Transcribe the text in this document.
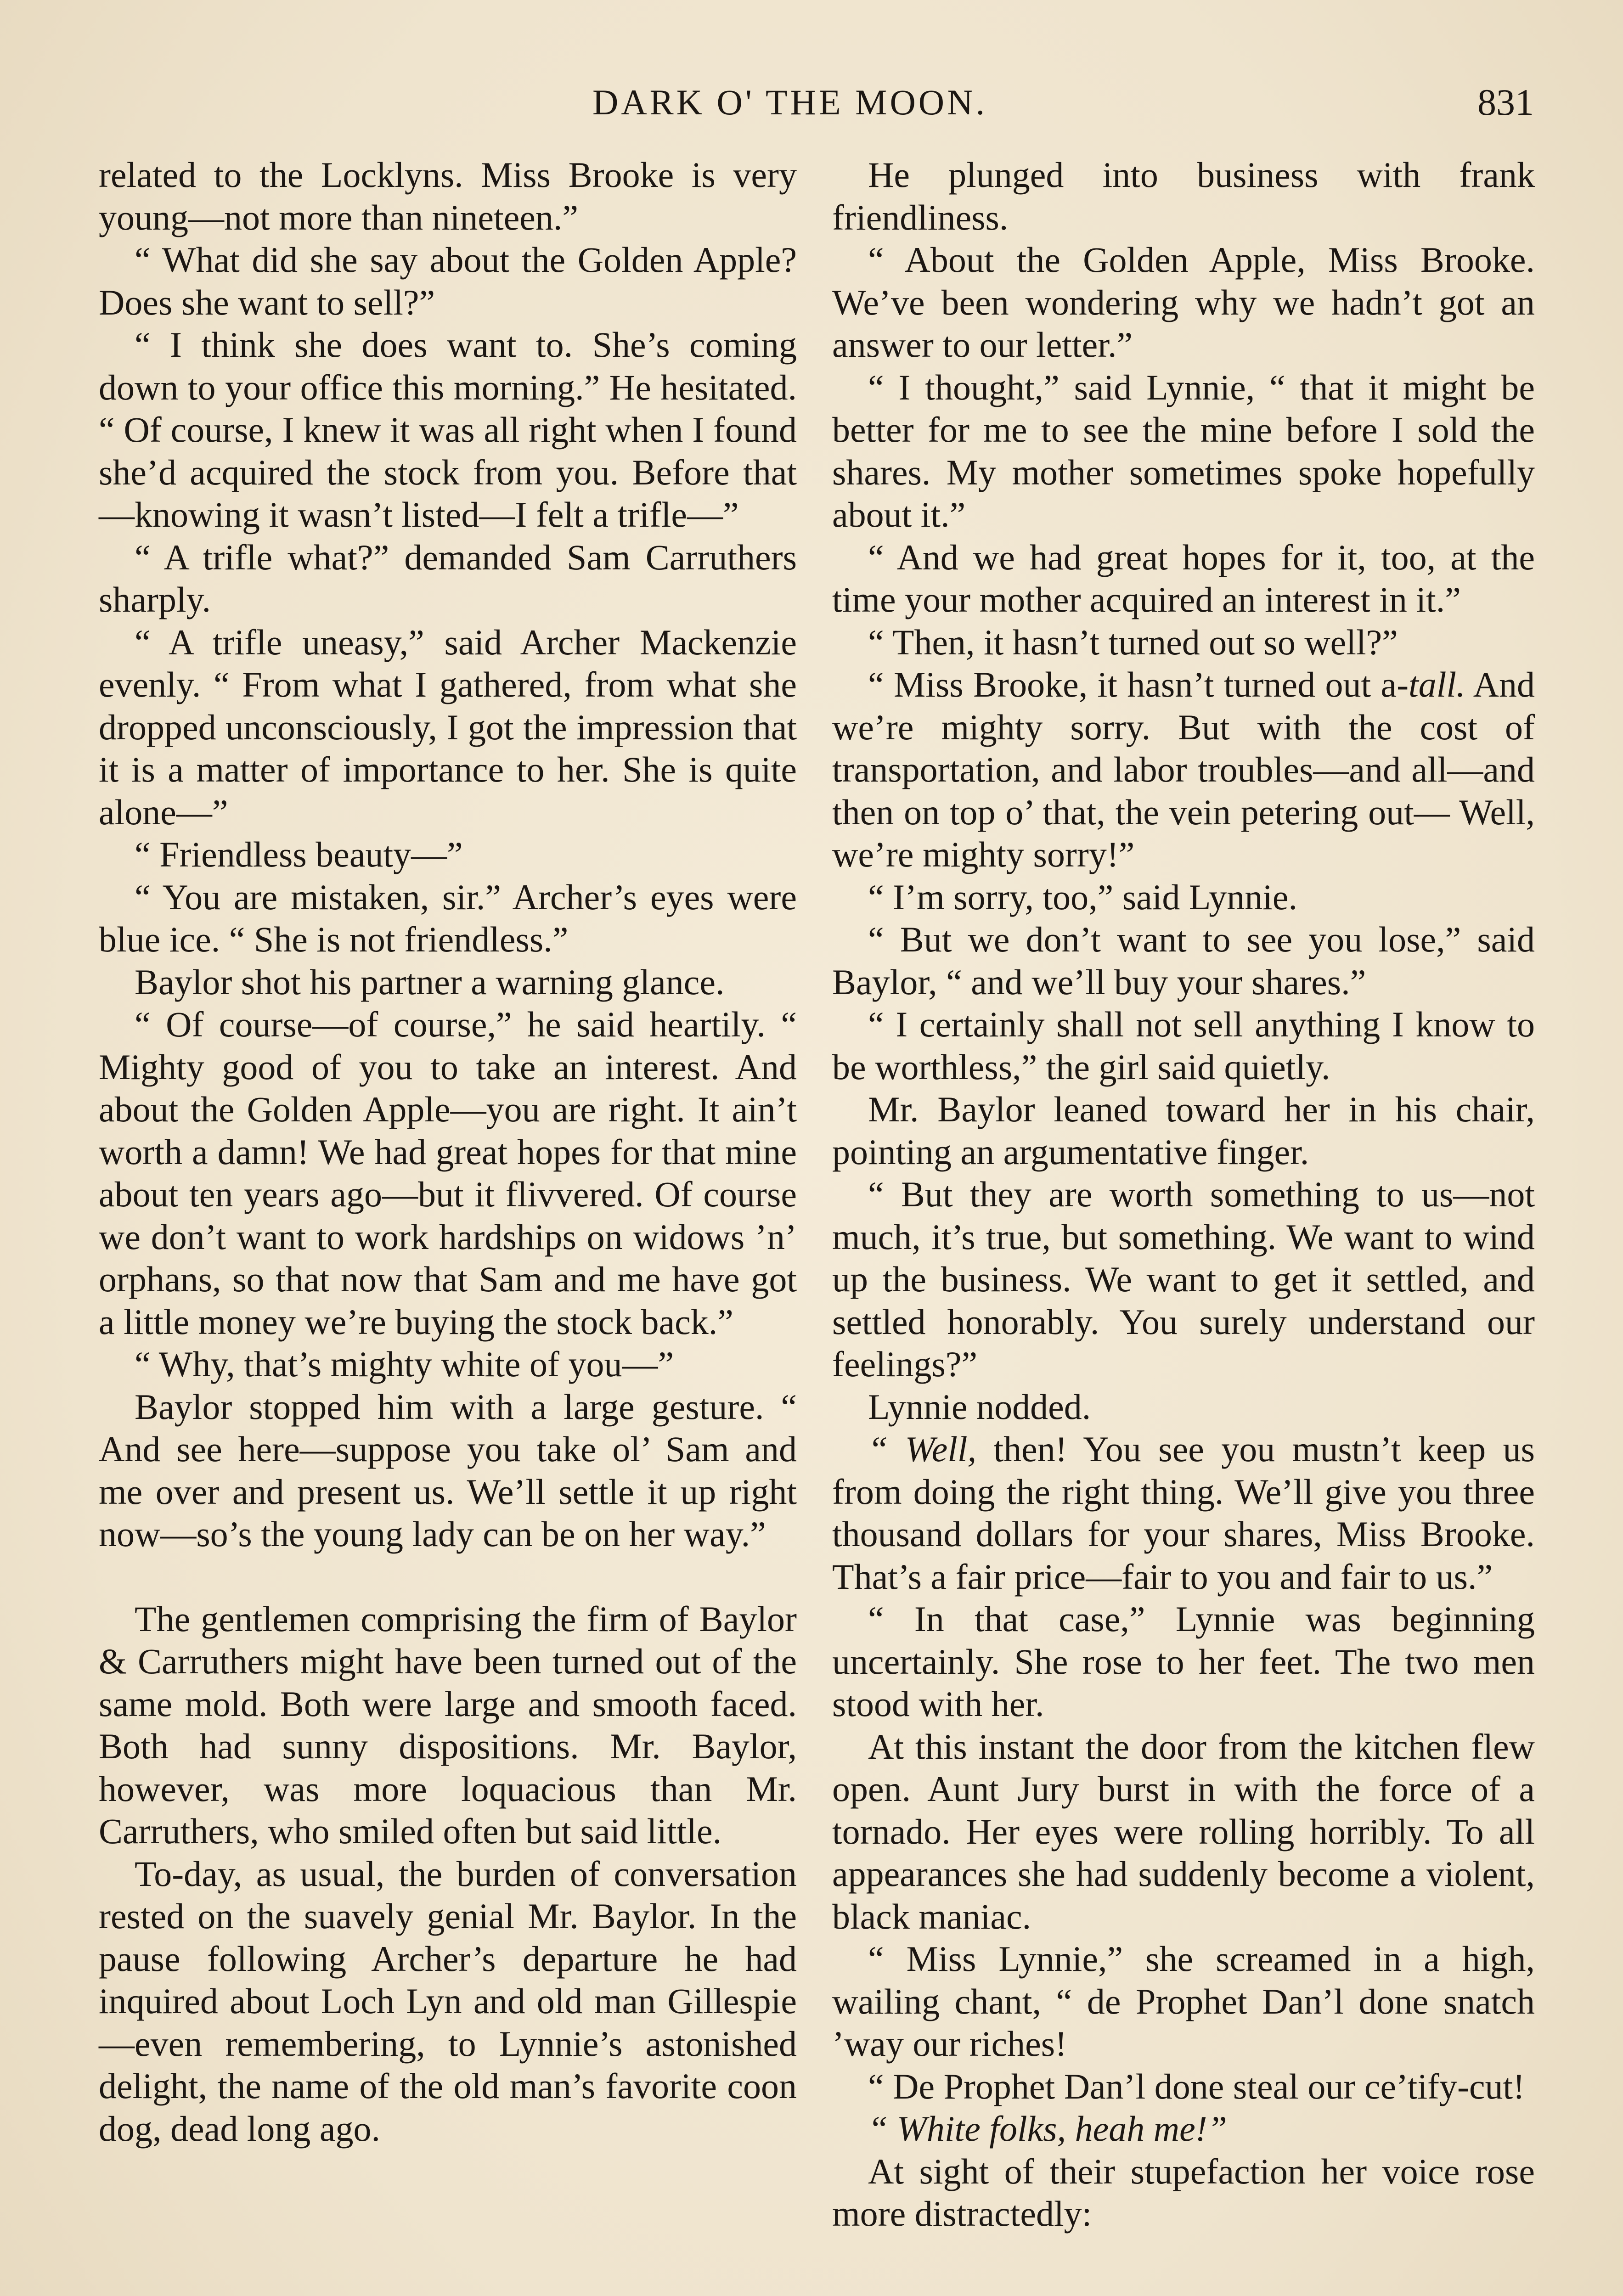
DARK O' THE MOON.	831

related to the Locklyns. Miss Brooke is very young—not more than nineteen.”

“ What did she say about the Golden Apple? Does she want to sell?”

“ I think she does want to. She’s coming down to your office this morning.” He hesitated. “ Of course, I knew it was all right when I found she’d acquired the stock from you. Before that—knowing it wasn’t listed—I felt a trifle—”

“ A trifle what?” demanded Sam Carruthers sharply.

“ A trifle uneasy,” said Archer Mackenzie evenly. “ From what I gathered, from what she dropped unconsciously, I got the impression that it is a matter of importance to her. She is quite alone—”

“ Friendless beauty—”

“ You are mistaken, sir.” Archer’s eyes were blue ice. “ She is not friendless.”

Baylor shot his partner a warning glance.

“ Of course—of course,” he said heartily. “ Mighty good of you to take an interest. And about the Golden Apple—you are right. It ain’t worth a damn! We had great hopes for that mine about ten years ago—but it flivvered. Of course we don’t want to work hardships on widows ’n’ orphans, so that now that Sam and me have got a little money we’re buying the stock back.”

“ Why, that’s mighty white of you—”

Baylor stopped him with a large gesture. “ And see here—suppose you take ol’ Sam and me over and present us. We’ll settle it up right now—so’s the young lady can be on her way.”

The gentlemen comprising the firm of Baylor & Carruthers might have been turned out of the same mold. Both were large and smooth faced. Both had sunny dispositions. Mr. Baylor, however, was more loquacious than Mr. Carruthers, who smiled often but said little.

To-day, as usual, the burden of conversation rested on the suavely genial Mr. Baylor. In the pause following Archer’s departure he had inquired about Loch Lyn and old man Gillespie—even remembering, to Lynnie’s astonished delight, the name of the old man’s favorite coon dog, dead long ago.

He plunged into business with frank friendliness.

“ About the Golden Apple, Miss Brooke. We’ve been wondering why we hadn’t got an answer to our letter.”

“ I thought,” said Lynnie, “ that it might be better for me to see the mine before I sold the shares. My mother sometimes spoke hopefully about it.”

“ And we had great hopes for it, too, at the time your mother acquired an interest in it.”

“ Then, it hasn’t turned out so well?”

“ Miss Brooke, it hasn’t turned out a-tall. And we’re mighty sorry. But with the cost of transportation, and labor troubles—and all—and then on top o’ that, the vein petering out— Well, we’re mighty sorry!”

“ I’m sorry, too,” said Lynnie.

“ But we don’t want to see you lose,” said Baylor, “ and we’ll buy your shares.”

“ I certainly shall not sell anything I know to be worthless,” the girl said quietly.

Mr. Baylor leaned toward her in his chair, pointing an argumentative finger.

“ But they are worth something to us—not much, it’s true, but something. We want to wind up the business. We want to get it settled, and settled honorably. You surely understand our feelings?”

Lynnie nodded.

“ Well, then! You see you mustn’t keep us from doing the right thing. We’ll give you three thousand dollars for your shares, Miss Brooke. That’s a fair price—fair to you and fair to us.”

“ In that case,” Lynnie was beginning uncertainly. She rose to her feet. The two men stood with her.

At this instant the door from the kitchen flew open. Aunt Jury burst in with the force of a tornado. Her eyes were rolling horribly. To all appearances she had suddenly become a violent, black maniac.

“ Miss Lynnie,” she screamed in a high, wailing chant, “ de Prophet Dan’l done snatch ’way our riches!

“ De Prophet Dan’l done steal our ce’tify-cut!

“ White folks, heah me!”

At sight of their stupefaction her voice rose more distractedly:
